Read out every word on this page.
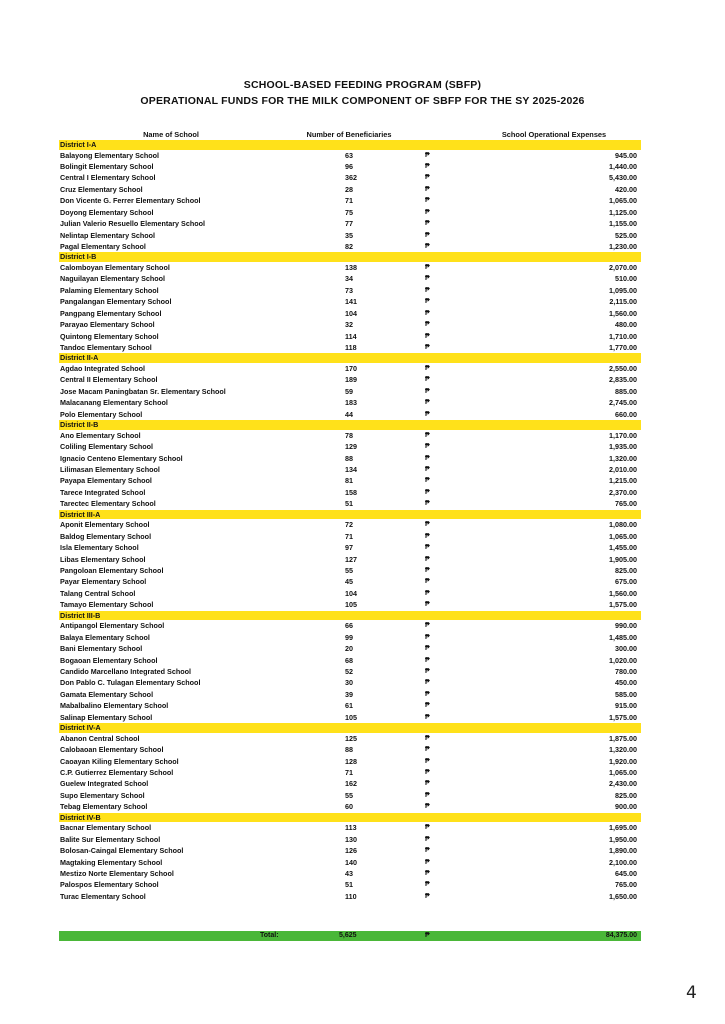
SCHOOL-BASED FEEDING PROGRAM (SBFP)
OPERATIONAL FUNDS FOR THE MILK COMPONENT OF SBFP FOR THE SY 2025-2026
Name of School	Number of Beneficiaries	School Operational Expenses
District I-A
Balayong Elementary School	63	₱	945.00
Bolingit Elementary School	96	₱	1,440.00
Central I Elementary School	362	₱	5,430.00
Cruz Elementary School	28	₱	420.00
Don Vicente G. Ferrer Elementary School	71	₱	1,065.00
Doyong Elementary School	75	₱	1,125.00
Julian Valerio Resuello Elementary School	77	₱	1,155.00
Nelintap Elementary School	35	₱	525.00
Pagal Elementary School	82	₱	1,230.00
District I-B
Calomboyan Elementary School	138	₱	2,070.00
Naguilayan Elementary School	34	₱	510.00
Palaming Elementary School	73	₱	1,095.00
Pangalangan Elementary School	141	₱	2,115.00
Pangpang Elementary School	104	₱	1,560.00
Parayao Elementary School	32	₱	480.00
Quintong Elementary School	114	₱	1,710.00
Tandoc Elementary School	118	₱	1,770.00
District II-A
Agdao Integrated School	170	₱	2,550.00
Central II Elementary School	189	₱	2,835.00
Jose Macam Paningbatan Sr. Elementary School	59	₱	885.00
Malacanang Elementary School	183	₱	2,745.00
Polo Elementary School	44	₱	660.00
District II-B
Ano Elementary School	78	₱	1,170.00
Coliling Elementary School	129	₱	1,935.00
Ignacio Centeno Elementary School	88	₱	1,320.00
Lilimasan Elementary School	134	₱	2,010.00
Payapa Elementary School	81	₱	1,215.00
Tarece Integrated School	158	₱	2,370.00
Tarectec Elementary School	51	₱	765.00
District III-A
Aponit Elementary School	72	₱	1,080.00
Baldog Elementary School	71	₱	1,065.00
Isla Elementary School	97	₱	1,455.00
Libas Elementary School	127	₱	1,905.00
Pangoloan Elementary School	55	₱	825.00
Payar Elementary School	45	₱	675.00
Talang Central School	104	₱	1,560.00
Tamayo Elementary School	105	₱	1,575.00
District III-B
Antipangol Elementary School	66	₱	990.00
Balaya Elementary School	99	₱	1,485.00
Bani Elementary School	20	₱	300.00
Bogaoan Elementary School	68	₱	1,020.00
Candido Marcellano Integrated School	52	₱	780.00
Don Pablo C. Tulagan Elementary School	30	₱	450.00
Gamata Elementary School	39	₱	585.00
Mabalbalino Elementary School	61	₱	915.00
Salinap Elementary School	105	₱	1,575.00
District IV-A
Abanon Central School	125	₱	1,875.00
Calobaoan Elementary School	88	₱	1,320.00
Caoayan Kiling Elementary School	128	₱	1,920.00
C.P. Gutierrez Elementary School	71	₱	1,065.00
Guelew Integrated School	162	₱	2,430.00
Supo Elementary School	55	₱	825.00
Tebag Elementary School	60	₱	900.00
District IV-B
Bacnar Elementary School	113	₱	1,695.00
Balite Sur Elementary School	130	₱	1,950.00
Bolosan-Caingal Elementary School	126	₱	1,890.00
Magtaking Elementary School	140	₱	2,100.00
Mestizo Norte Elementary School	43	₱	645.00
Palospos Elementary School	51	₱	765.00
Turac Elementary School	110	₱	1,650.00
Total:	5,625	₱	84,375.00
4
